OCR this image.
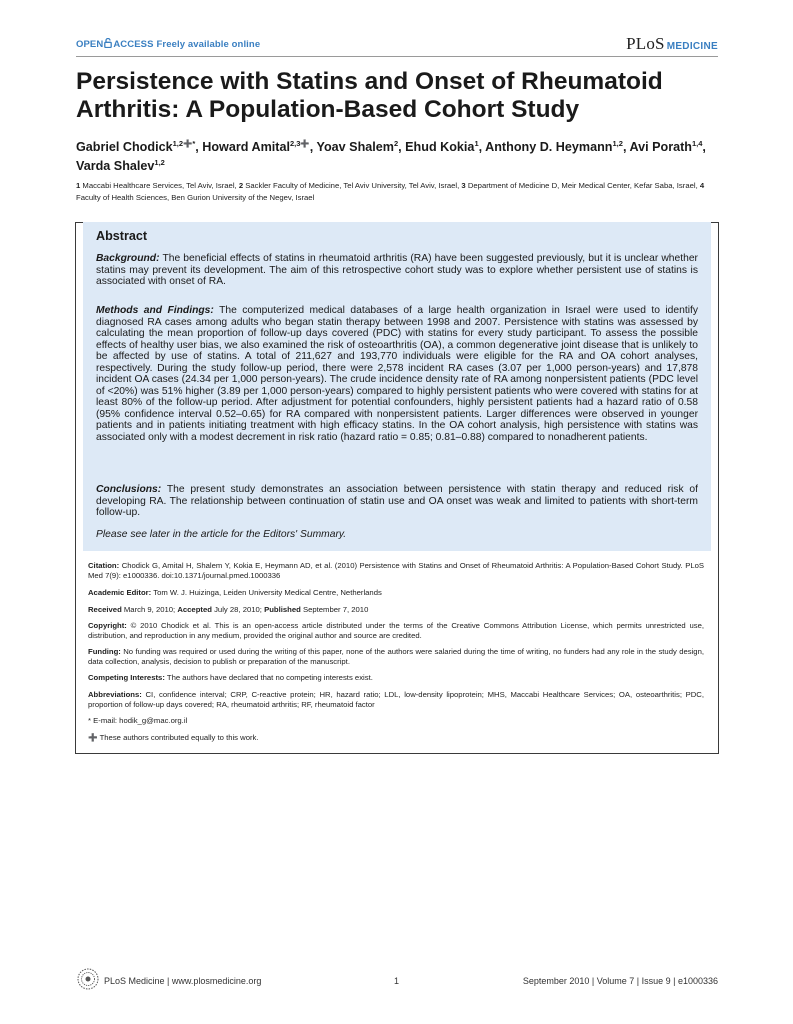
OPEN ACCESS Freely available online	PLoS MEDICINE
Persistence with Statins and Onset of Rheumatoid Arthritis: A Population-Based Cohort Study

Gabriel Chodick$^{1,2➕*}$, Howard Amital$^{2,3➕}$, Yoav Shalem$^2$, Ehud Kokia$^1$, Anthony D. Heymann$^{1,2}$, Avi Porath$^{1,4}$, Varda Shalev$^{1,2}$

1 Maccabi Healthcare Services, Tel Aviv, Israel, 2 Sackler Faculty of Medicine, Tel Aviv University, Tel Aviv, Israel, 3 Department of Medicine D, Meir Medical Center, Kefar Saba, Israel, 4 Faculty of Health Sciences, Ben Gurion University of the Negev, Israel

Abstract

Background: The beneficial effects of statins in rheumatoid arthritis (RA) have been suggested previously, but it is unclear whether statins may prevent its development. The aim of this retrospective cohort study was to explore whether persistent use of statins is associated with onset of RA.

Methods and Findings: The computerized medical databases of a large health organization in Israel were used to identify diagnosed RA cases among adults who began statin therapy between 1998 and 2007. Persistence with statins was assessed by calculating the mean proportion of follow-up days covered (PDC) with statins for every study participant. To assess the possible effects of healthy user bias, we also examined the risk of osteoarthritis (OA), a common degenerative joint disease that is unlikely to be affected by use of statins. A total of 211,627 and 193,770 individuals were eligible for the RA and OA cohort analyses, respectively. During the study follow-up period, there were 2,578 incident RA cases (3.07 per 1,000 person-years) and 17,878 incident OA cases (24.34 per 1,000 person-years). The crude incidence density rate of RA among nonpersistent patients (PDC level of <20%) was 51% higher (3.89 per 1,000 person-years) compared to highly persistent patients who were covered with statins for at least 80% of the follow-up period. After adjustment for potential confounders, highly persistent patients had a hazard ratio of 0.58 (95% confidence interval 0.52–0.65) for RA compared with nonpersistent patients. Larger differences were observed in younger patients and in patients initiating treatment with high efficacy statins. In the OA cohort analysis, high persistence with statins was associated only with a modest decrement in risk ratio (hazard ratio = 0.85; 0.81–0.88) compared to nonadherent patients.

Conclusions: The present study demonstrates an association between persistence with statin therapy and reduced risk of developing RA. The relationship between continuation of statin use and OA onset was weak and limited to patients with short-term follow-up.

Please see later in the article for the Editors' Summary.

Citation: Chodick G, Amital H, Shalem Y, Kokia E, Heymann AD, et al. (2010) Persistence with Statins and Onset of Rheumatoid Arthritis: A Population-Based Cohort Study. PLoS Med 7(9): e1000336. doi:10.1371/journal.pmed.1000336

Academic Editor: Tom W. J. Huizinga, Leiden University Medical Centre, Netherlands

Received March 9, 2010; Accepted July 28, 2010; Published September 7, 2010

Copyright: © 2010 Chodick et al. This is an open-access article distributed under the terms of the Creative Commons Attribution License, which permits unrestricted use, distribution, and reproduction in any medium, provided the original author and source are credited.

Funding: No funding was required or used during the writing of this paper, none of the authors were salaried during the time of writing, no funders had any role in the study design, data collection, analysis, decision to publish or preparation of the manuscript.

Competing Interests: The authors have declared that no competing interests exist.

Abbreviations: CI, confidence interval; CRP, C-reactive protein; HR, hazard ratio; LDL, low-density lipoprotein; MHS, Maccabi Healthcare Services; OA, osteoarthritis; PDC, proportion of follow-up days covered; RA, rheumatoid arthritis; RF, rheumatoid factor

* E-mail: hodik_g@mac.org.il

➕ These authors contributed equally to this work.

PLoS Medicine | www.plosmedicine.org	1	September 2010 | Volume 7 | Issue 9 | e1000336
